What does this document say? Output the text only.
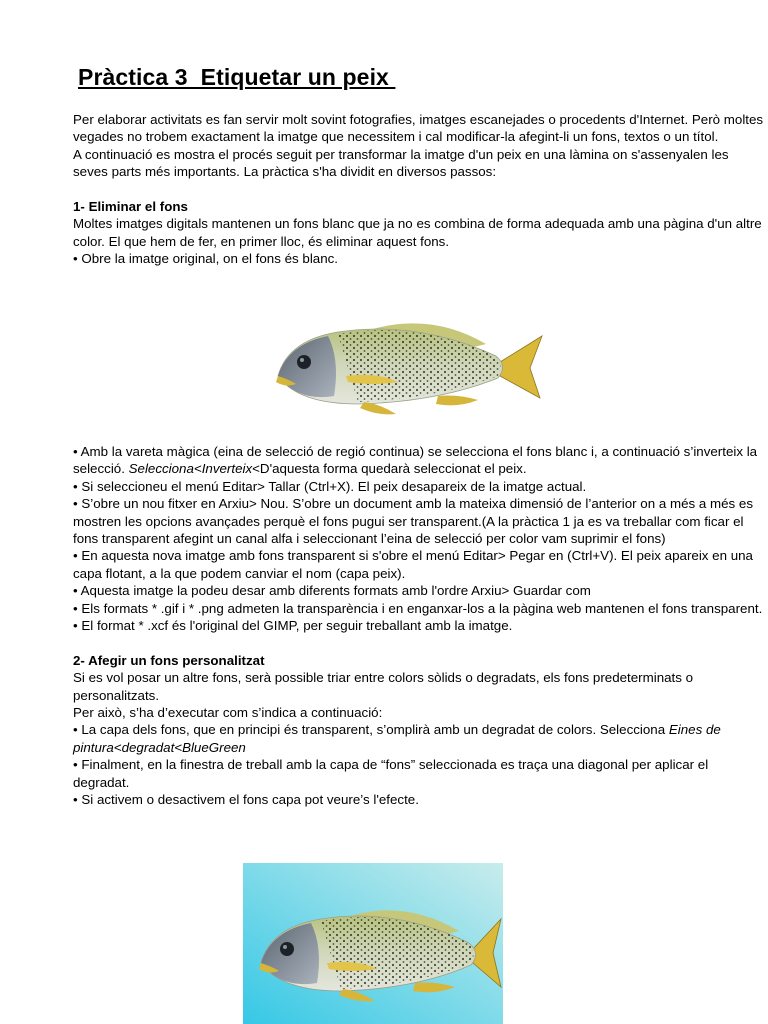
Pràctica 3  Etiquetar un peix

Per elaborar activitats es fan servir molt sovint fotografies, imatges escanejades o procedents d'Internet. Però moltes vegades no trobem exactament la imatge que necessitem i cal modificar-la afegint-li un fons, textos o un títol.

A continuació es mostra el procés seguit per transformar la imatge d'un peix en una làmina on s'assenyalen les seves parts més importants. La pràctica s'ha dividit en diversos passos:

1- Eliminar el fons

Moltes imatges digitals mantenen un fons blanc que ja no es combina de forma adequada amb una pàgina d'un altre color. El que hem de fer, en primer lloc, és eliminar aquest fons.

• Obre la imatge original, on el fons és blanc.

• Amb la vareta màgica (eina de selecció de regió continua) se selecciona el fons blanc i, a continuació s’inverteix la selecció. Selecciona<Inverteix<D'aquesta forma quedarà seleccionat el peix.

• Si seleccioneu el menú Editar> Tallar (Ctrl+X). El peix desapareix de la imatge actual.

• S’obre un nou fitxer en Arxiu> Nou. S’obre un document amb la mateixa dimensió de l’anterior on a més a més es mostren les opcions avançades perquè el fons pugui ser transparent.(A la pràctica 1 ja es va treballar com ficar el fons transparent afegint un canal alfa i seleccionant l’eina de selecció per color vam suprimir el fons)

• En aquesta nova imatge amb fons transparent si s'obre el menú Editar> Pegar en (Ctrl+V). El peix apareix en una capa flotant, a la que podem canviar el nom (capa peix).

• Aquesta imatge la podeu desar amb diferents formats amb l'ordre Arxiu> Guardar com

• Els formats * .gif i * .png admeten la transparència i en enganxar-los a la pàgina web mantenen el fons transparent.

• El format * .xcf és l'original del GIMP, per seguir treballant amb la imatge.

2- Afegir un fons personalitzat

Si es vol posar un altre fons, serà possible triar entre colors sòlids o degradats, els fons predeterminats o personalitzats.

Per això, s’ha d’executar com s’indica a continuació:

• La capa dels fons, que en principi és transparent, s’omplirà amb un degradat de colors. Selecciona Eines de pintura<degradat<BlueGreen

• Finalment, en la finestra de treball amb la capa de “fons” seleccionada es traça una diagonal per aplicar el degradat.

• Si activem o desactivem el fons capa pot veure’s l'efecte.
